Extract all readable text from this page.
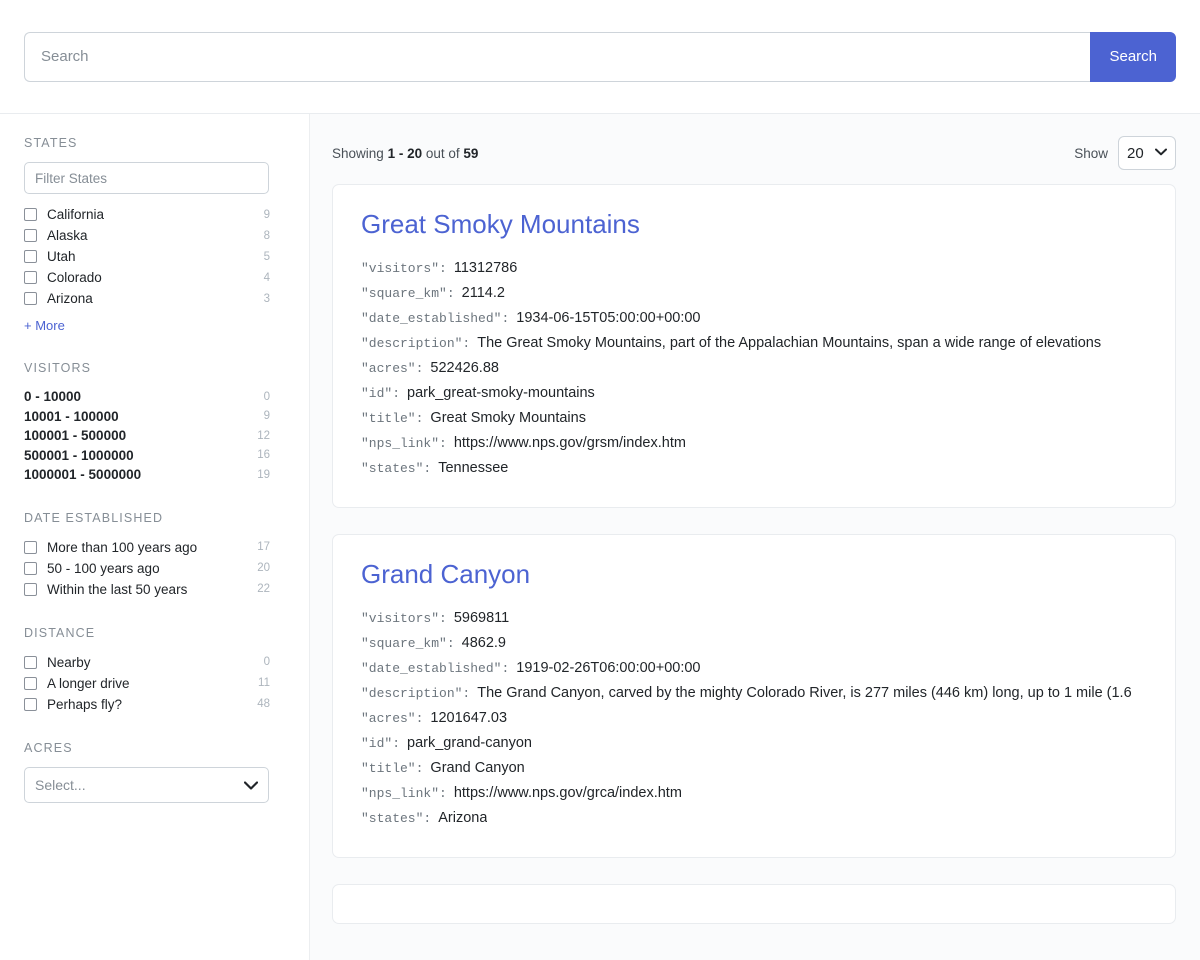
Search
Search
STATES
Filter States
California	9
Alaska	8
Utah	5
Colorado	4
Arizona	3
+ More
VISITORS
0 - 10000	0
10001 - 100000	9
100001 - 500000	12
500001 - 1000000	16
1000001 - 5000000	19
DATE ESTABLISHED
More than 100 years ago	17
50 - 100 years ago	20
Within the last 50 years	22
DISTANCE
Nearby	0
A longer drive	11
Perhaps fly?	48
ACRES
Select...
Showing 1 - 20 out of 59	Show 20
Great Smoky Mountains
"visitors" : 11312786
"square_km" : 2114.2
"date_established" : 1934-06-15T05:00:00+00:00
"description" : The Great Smoky Mountains, part of the Appalachian Mountains, span a wide range of elevations
"acres" : 522426.88
"id" : park_great-smoky-mountains
"title" : Great Smoky Mountains
"nps_link" : https://www.nps.gov/grsm/index.htm
"states" : Tennessee
Grand Canyon
"visitors" : 5969811
"square_km" : 4862.9
"date_established" : 1919-02-26T06:00:00+00:00
"description" : The Grand Canyon, carved by the mighty Colorado River, is 277 miles (446 km) long, up to 1 mile (1.6
"acres" : 1201647.03
"id" : park_grand-canyon
"title" : Grand Canyon
"nps_link" : https://www.nps.gov/grca/index.htm
"states" : Arizona
